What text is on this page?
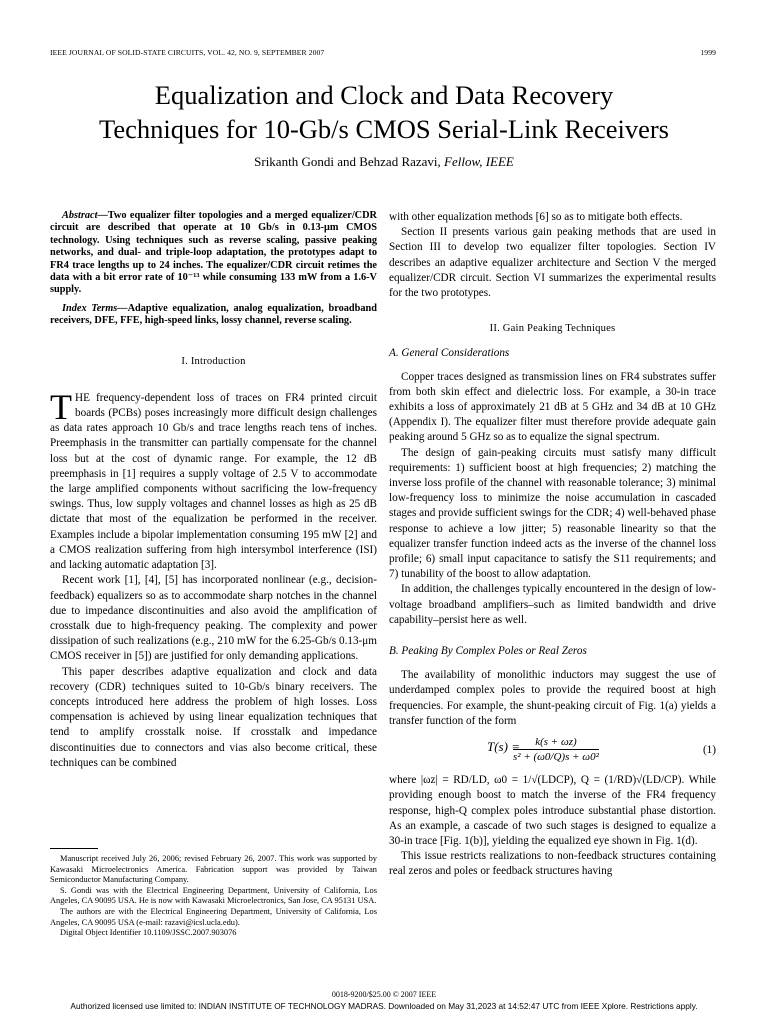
IEEE JOURNAL OF SOLID-STATE CIRCUITS, VOL. 42, NO. 9, SEPTEMBER 2007	1999
Equalization and Clock and Data Recovery
Techniques for 10-Gb/s CMOS Serial-Link Receivers
Srikanth Gondi and Behzad Razavi, Fellow, IEEE

Abstract—Two equalizer filter topologies and a merged equalizer/CDR circuit are described that operate at 10 Gb/s in 0.13-μm CMOS technology. Using techniques such as reverse scaling, passive peaking networks, and dual- and triple-loop adaptation, the prototypes adapt to FR4 trace lengths up to 24 inches. The equalizer/CDR circuit retimes the data with a bit error rate of 10⁻¹³ while consuming 133 mW from a 1.6-V supply.

Index Terms—Adaptive equalization, analog equalization, broadband receivers, DFE, FFE, high-speed links, lossy channel, reverse scaling.

I. Introduction

THE frequency-dependent loss of traces on FR4 printed circuit boards (PCBs) poses increasingly more difficult design challenges as data rates approach 10 Gb/s and trace lengths reach tens of inches. Preemphasis in the transmitter can partially compensate for the channel loss but at the cost of dynamic range. For example, the 12 dB preemphasis in [1] requires a supply voltage of 2.5 V to accommodate the large amplified components without sacrificing the low-frequency swings. Thus, low supply voltages and channel losses as high as 25 dB dictate that most of the equalization be performed in the receiver. Examples include a bipolar implementation consuming 195 mW [2] and a CMOS realization suffering from high intersymbol interference (ISI) and lacking automatic adaptation [3].

Recent work [1], [4], [5] has incorporated nonlinear (e.g., decision-feedback) equalizers so as to accommodate sharp notches in the channel due to impedance discontinuities and also avoid the amplification of crosstalk due to high-frequency peaking. The complexity and power dissipation of such realizations (e.g., 210 mW for the 6.25-Gb/s 0.13-μm CMOS receiver in [5]) are justified for only demanding applications.

This paper describes adaptive equalization and clock and data recovery (CDR) techniques suited to 10-Gb/s binary receivers. The concepts introduced here address the problem of high losses. Loss compensation is achieved by using linear equalization techniques that tend to amplify crosstalk noise. If crosstalk and impedance discontinuities due to connectors and vias also become critical, these techniques can be combined

Manuscript received July 26, 2006; revised February 26, 2007. This work was supported by Kawasaki Microelectronics America. Fabrication support was provided by Taiwan Semiconductor Manufacturing Company.

S. Gondi was with the Electrical Engineering Department, University of California, Los Angeles, CA 90095 USA. He is now with Kawasaki Microelectronics, San Jose, CA 95131 USA.

The authors are with the Electrical Engineering Department, University of California, Los Angeles, CA 90095 USA (e-mail: razavi@icsl.ucla.edu).

Digital Object Identifier 10.1109/JSSC.2007.903076

with other equalization methods [6] so as to mitigate both effects.

Section II presents various gain peaking methods that are used in Section III to develop two equalizer filter topologies. Section IV describes an adaptive equalizer architecture and Section V the merged equalizer/CDR circuit. Section VI summarizes the experimental results for the two prototypes.

II. Gain Peaking Techniques

A. General Considerations

Copper traces designed as transmission lines on FR4 substrates suffer from both skin effect and dielectric loss. For example, a 30-in trace exhibits a loss of approximately 21 dB at 5 GHz and 34 dB at 10 GHz (Appendix I). The equalizer filter must therefore provide adequate gain peaking around 5 GHz so as to equalize the signal spectrum.

The design of gain-peaking circuits must satisfy many difficult requirements: 1) sufficient boost at high frequencies; 2) matching the inverse loss profile of the channel with reasonable tolerance; 3) minimal low-frequency loss to minimize the noise accumulation in cascaded stages and provide sufficient swings for the CDR; 4) well-behaved phase response to achieve a low jitter; 5) reasonable linearity so that the equalizer transfer function indeed acts as the inverse of the channel loss profile; 6) small input capacitance to satisfy the S11 requirements; and 7) tunability of the boost to allow adaptation.

In addition, the challenges typically encountered in the design of low-voltage broadband amplifiers–such as limited bandwidth and drive capability–persist here as well.

B. Peaking By Complex Poles or Real Zeros

The availability of monolithic inductors may suggest the use of underdamped complex poles to provide the required boost at high frequencies. For example, the shunt-peaking circuit of Fig. 1(a) yields a transfer function of the form

T(s) =
$\frac{k(s + \omega z)}{\text{s² + (ω0/Q)s + ω0²}}$	(1)

where |ωz| = RD/LD, ω0 = 1/√(LDCP), Q = (1/RD)√(LD/CP). While providing enough boost to match the inverse of the FR4 frequency response, high-Q complex poles introduce substantial phase distortion. As an example, a cascade of two such stages is designed to equalize a 30-in trace [Fig. 1(b)], yielding the equalized eye shown in Fig. 1(d).

This issue restricts realizations to non-feedback structures containing real zeros and poles or feedback structures having

0018-9200/$25.00 © 2007 IEEE
Authorized licensed use limited to: INDIAN INSTITUTE OF TECHNOLOGY MADRAS. Downloaded on May 31,2023 at 14:52:47 UTC from IEEE Xplore. Restrictions apply.
